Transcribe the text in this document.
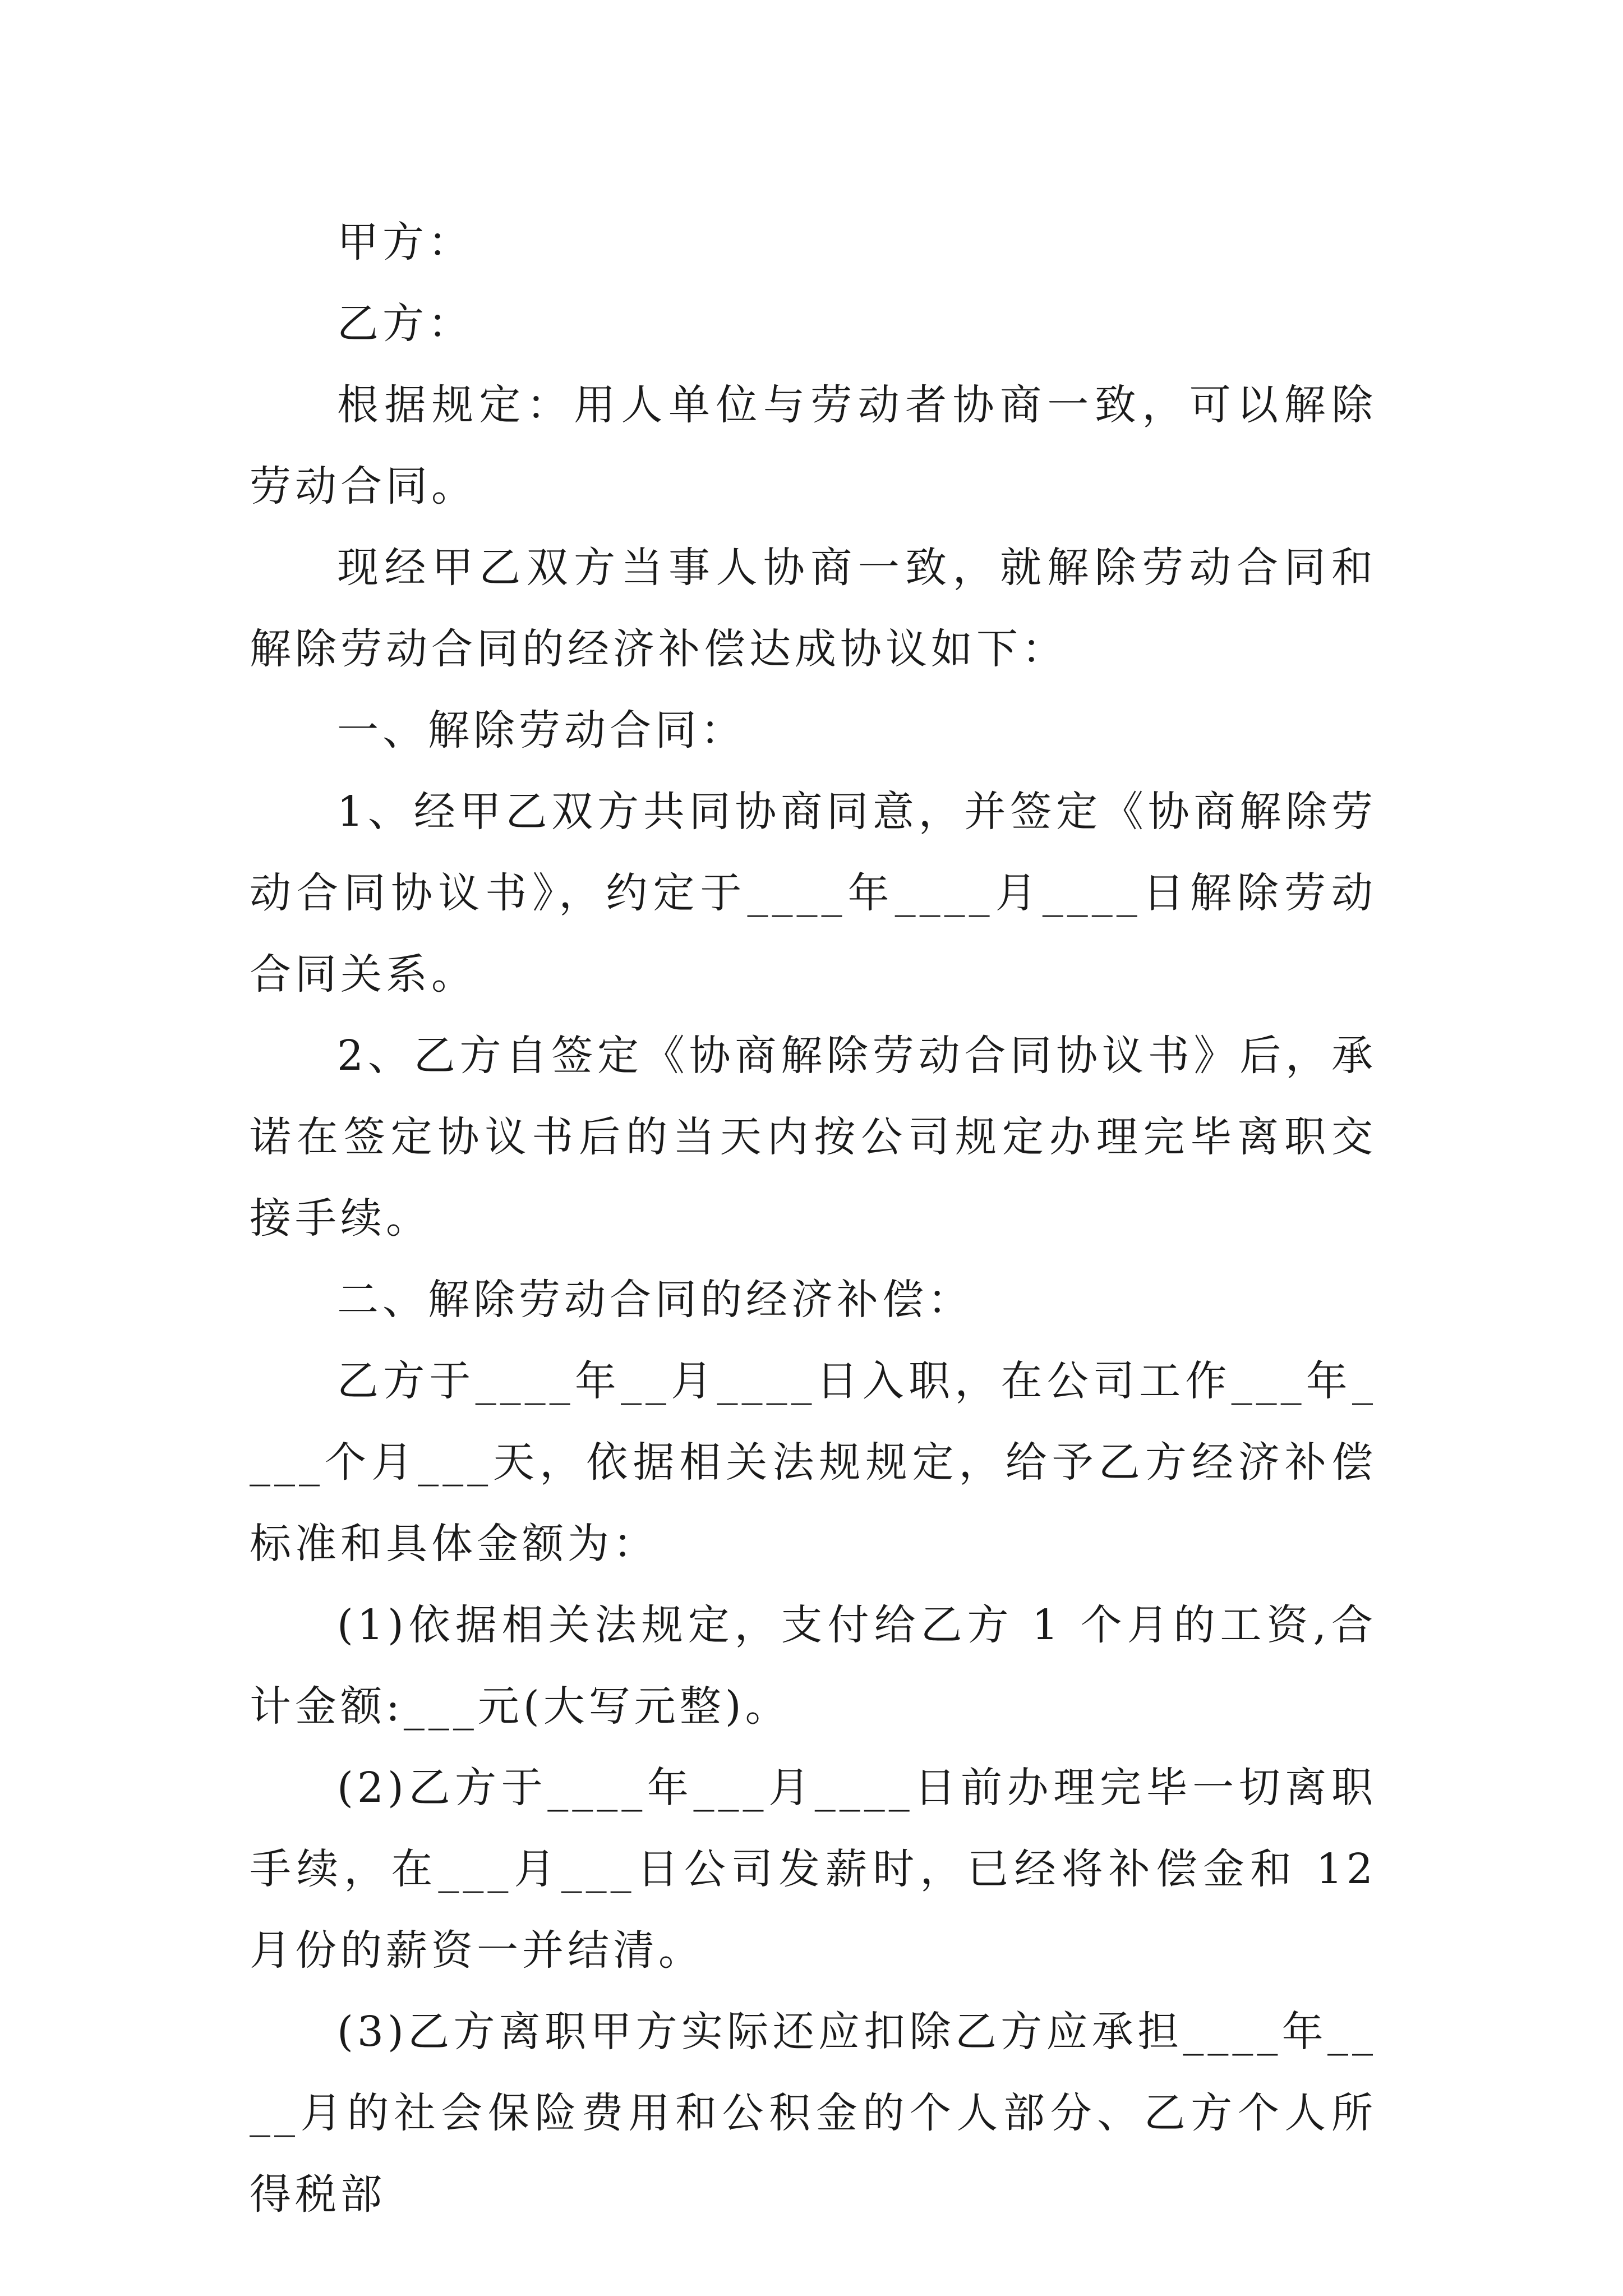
甲方：

乙方：

根据规定：用人单位与劳动者协商一致，可以解除劳动合同。

现经甲乙双方当事人协商一致，就解除劳动合同和解除劳动合同的经济补偿达成协议如下：

一、解除劳动合同：

1、经甲乙双方共同协商同意，并签定《协商解除劳动合同协议书》，约定于____年____月____日解除劳动合同关系。

2、乙方自签定《协商解除劳动合同协议书》后，承诺在签定协议书后的当天内按公司规定办理完毕离职交接手续。

二、解除劳动合同的经济补偿：

乙方于____年__月____日入职，在公司工作___年____个月___天，依据相关法规规定，给予乙方经济补偿标准和具体金额为：

(1)依据相关法规定，支付给乙方 1 个月的工资,合计金额:___元(大写元整)。

(2)乙方于____年___月____日前办理完毕一切离职手续，在___月___日公司发薪时，已经将补偿金和 12 月份的薪资一并结清。

(3)乙方离职甲方实际还应扣除乙方应承担____年____月的社会保险费用和公积金的个人部分、乙方个人所得税部
